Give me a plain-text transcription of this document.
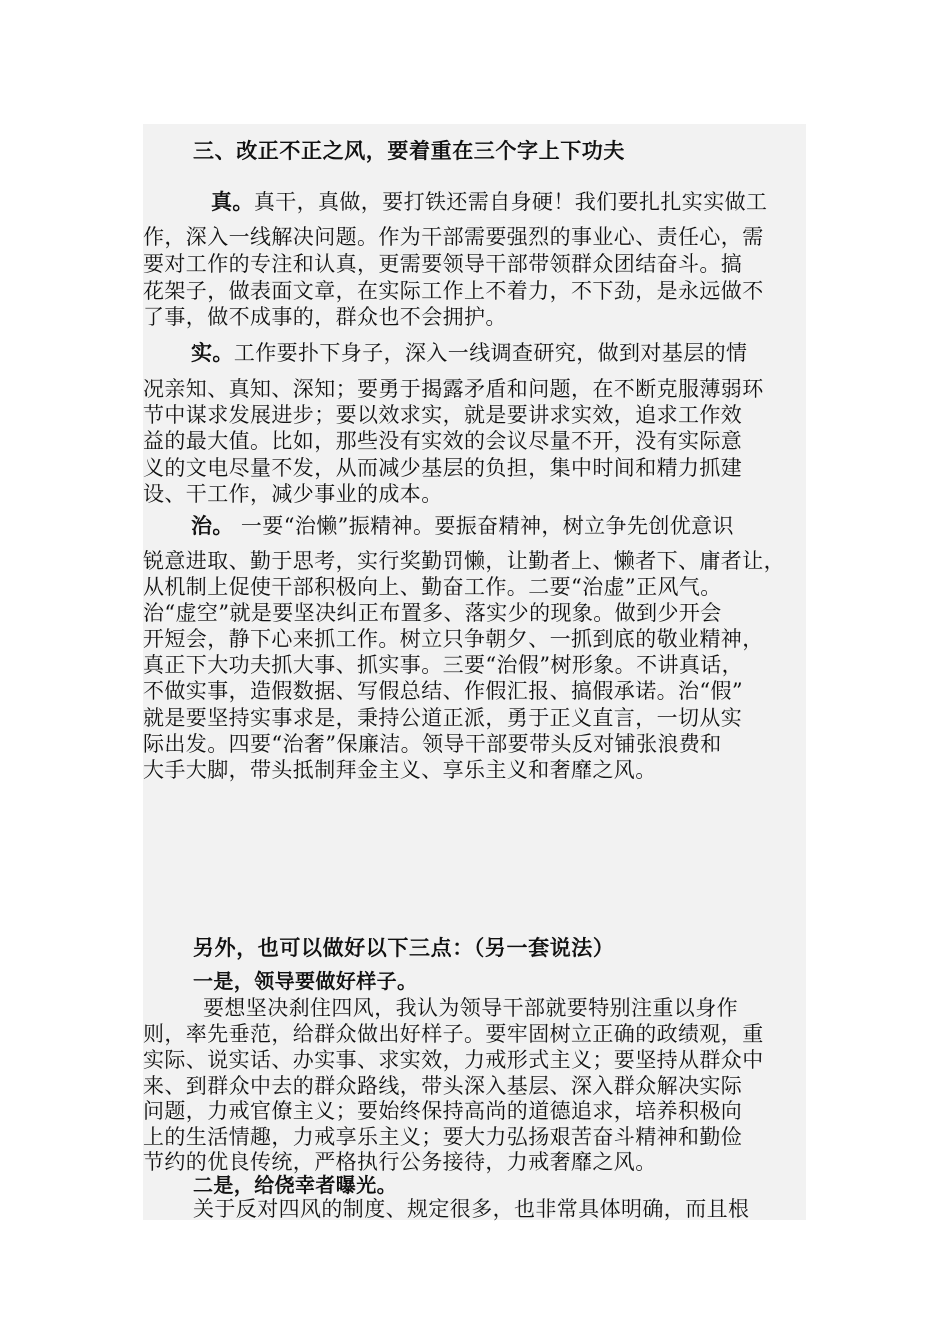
三、改正不正之风，要着重在三个字上下功夫
真。真干，真做，要打铁还需自身硬！我们要扎扎实实做工
作，深入一线解决问题。作为干部需要强烈的事业心、责任心，需
要对工作的专注和认真，更需要领导干部带领群众团结奋斗。搞
花架子，做表面文章，在实际工作上不着力，不下劲，是永远做不
了事，做不成事的，群众也不会拥护。
实。工作要扑下身子，深入一线调查研究，做到对基层的情
况亲知、真知、深知；要勇于揭露矛盾和问题，在不断克服薄弱环
节中谋求发展进步；要以效求实，就是要讲求实效，追求工作效
益的最大值。比如，那些没有实效的会议尽量不开，没有实际意
义的文电尽量不发，从而减少基层的负担，集中时间和精力抓建
设、干工作，减少事业的成本。
治。 一要“治懒”振精神。要振奋精神，树立争先创优意识
锐意进取、勤于思考，实行奖勤罚懒，让勤者上、懒者下、庸者让，
从机制上促使干部积极向上、勤奋工作。二要“治虚”正风气。
治“虚空”就是要坚决纠正布置多、落实少的现象。做到少开会
开短会，静下心来抓工作。树立只争朝夕、一抓到底的敬业精神，
真正下大功夫抓大事、抓实事。三要“治假”树形象。不讲真话，
不做实事，造假数据、写假总结、作假汇报、搞假承诺。治“假”
就是要坚持实事求是，秉持公道正派，勇于正义直言，一切从实
际出发。四要“治奢”保廉洁。领导干部要带头反对铺张浪费和
大手大脚，带头抵制拜金主义、享乐主义和奢靡之风。
另外，也可以做好以下三点：（另一套说法）
一是，领导要做好样子。
要想坚决刹住四风，我认为领导干部就要特别注重以身作
则，率先垂范，给群众做出好样子。要牢固树立正确的政绩观，重
实际、说实话、办实事、求实效，力戒形式主义；要坚持从群众中
来、到群众中去的群众路线，带头深入基层、深入群众解决实际
问题，力戒官僚主义；要始终保持高尚的道德追求，培养积极向
上的生活情趣，力戒享乐主义；要大力弘扬艰苦奋斗精神和勤俭
节约的优良传统，严格执行公务接待，力戒奢靡之风。
二是，给侥幸者曝光。
关于反对四风的制度、规定很多，也非常具体明确，而且根
